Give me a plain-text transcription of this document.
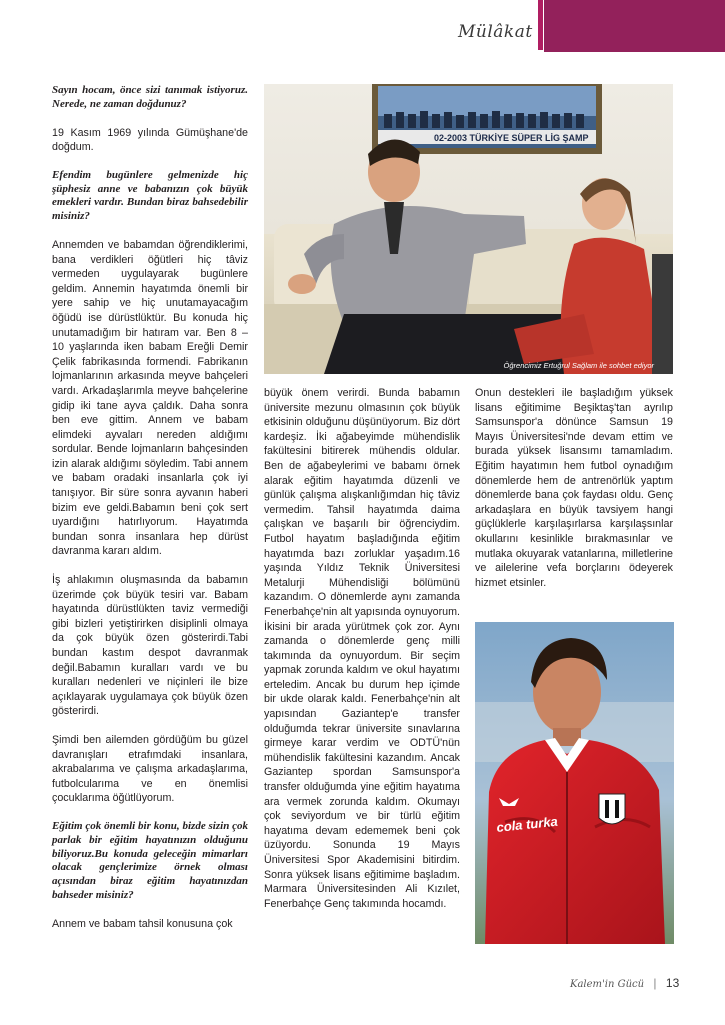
Mülâkat

Sayın hocam, önce sizi tanımak istiyoruz. Nerede, ne zaman doğdunuz?

19 Kasım 1969 yılında Gümüşhane'de doğdum.

Efendim bugünlere gelmenizde hiç şüphesiz anne ve babanızın çok büyük emekleri vardır. Bundan biraz bahsedebilir misiniz?

Annemden ve babamdan öğrendiklerimi, bana verdikleri öğütleri hiç tâviz vermeden uygulayarak bugünlere geldim. Annemin hayatımda önemli bir yere sahip ve hiç unutamayacağım öğüdü ise dürüstlüktür. Bu konuda hiç unutamadığım bir hatıram var. Ben 8 – 10 yaşlarında iken babam Ereğli Demir Çelik fabrikasında formendi. Fabrikanın lojmanlarının arkasında meyve bahçeleri vardı. Arkadaşlarımla meyve bahçelerine gidip iki tane ayva çaldık. Daha sonra ben eve gittim. Annem ve babam elimdeki ayvaları nereden aldığımı sordular. Bende lojmanların bahçesinden izin alarak aldığımı söyledim. Tabi annem ve babam oradaki insanlarla çok iyi tanışıyor. Bir süre sonra ayvanın haberi bizim eve geldi.Babamın beni çok sert uyardığını hatırlıyorum. Hayatımda bundan sonra insanlara hep dürüst davranma kararı aldım.

İş ahlakımın oluşmasında da babamın üzerimde çok büyük tesiri var. Babam hayatında dürüstlükten taviz vermediği gibi bizleri yetiştirirken disiplinli olmaya da çok büyük özen gösterirdi.Tabi bundan kastım despot davranmak değil.Babamın kuralları vardı ve bu kuralları nedenleri ve niçinleri ile bize açıklayarak uygulamaya çok büyük özen gösterirdi.

Şimdi ben ailemden gördüğüm bu güzel davranışları etrafımdaki insanlara, akrabalarıma ve çalışma arkadaşlarıma, futbolcularıma ve en önemlisi çocuklarıma öğütlüyorum.

Eğitim çok önemli bir konu, bizde sizin çok parlak bir eğitim hayatınızın olduğunu biliyoruz.Bu konuda geleceğin mimarları olacak gençlerimize örnek olması açısından biraz eğitim hayatınızdan bahseder misiniz?

Annem ve babam tahsil konusuna çok

02-2003 TÜRKİYE SÜPER LİG ŞAMP
Öğrencimiz Ertuğrul Sağlam ile sohbet ediyor

büyük önem verirdi. Bunda babamın üniversite mezunu olmasının çok büyük etkisinin olduğunu düşünüyorum. Biz dört kardeşiz. İki ağabeyimde mühendislik fakültesini bitirerek mühendis oldular. Ben de ağabeylerimi ve babamı örnek alarak eğitim hayatımda düzenli ve günlük çalışma alışkanlığımdan hiç tâviz vermedim. Tahsil hayatımda daima çalışkan ve başarılı bir öğrenciydim. Futbol hayatım başladığında eğitim hayatımda bazı zorluklar yaşadım.16 yaşında Yıldız Teknik Üniversitesi Metalurji Mühendisliği bölümünü kazandım. O dönemlerde aynı zamanda Fenerbahçe'nin alt yapısında oynuyorum. İkisini bir arada yürütmek çok zor. Aynı zamanda o dönemlerde genç milli takımında da oynuyordum. Bir seçim yapmak zorunda kaldım ve okul hayatımı erteledim. Ancak bu durum hep içimde bir ukde olarak kaldı. Fenerbahçe'nin alt yapısından Gaziantep'e transfer olduğumda tekrar üniversite sınavlarına girmeye karar verdim ve ODTÜ'nün mühendislik fakültesini kazandım. Ancak Gaziantep spordan Samsunspor'a transfer olduğumda yine eğitim hayatıma ara vermek zorunda kaldım. Okumayı çok seviyordum ve bir türlü eğitim hayatıma devam edememek beni çok üzüyordu. Sonunda 19 Mayıs Üniversitesi Spor Akademisini bitirdim. Sonra yüksek lisans eğitimime başladım. Marmara Üniversitesinden Ali Kızılet, Fenerbahçe Genç takımında hocamdı.

Onun destekleri ile başladığım yüksek lisans eğitimime Beşiktaş'tan ayrılıp Samsunspor'a dönünce Samsun 19 Mayıs Üniversitesi'nde devam ettim ve burada yüksek lisansımı tamamladım. Eğitim hayatımın hem futbol oynadığım dönemlerde hem de antrenörlük yaptım dönemlerde bana çok faydası oldu. Genç arkadaşlara en büyük tavsiyem hangi güçlüklerle karşılaşırlarsa karşılaşsınlar okullarını kesinlikle bırakmasınlar ve mutlaka okuyarak vatanlarına, milletlerine ve ailelerine vefa borçlarını ödeyerek hizmet etsinler.

cola turka
Kalem'in Gücü | 13
